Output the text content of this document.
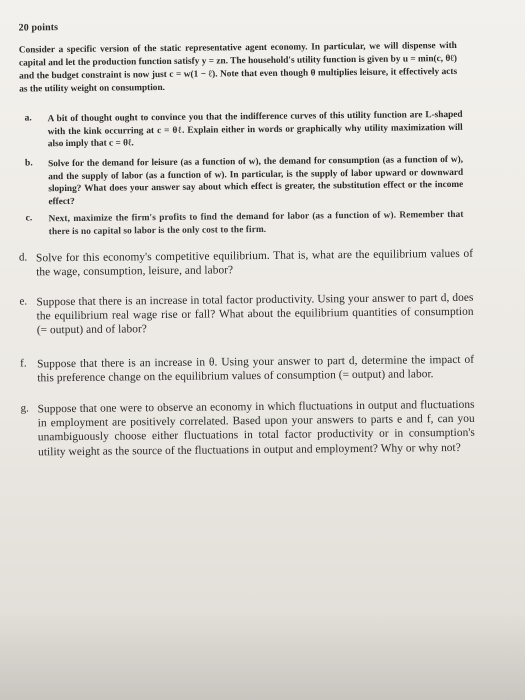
20 points
Consider a specific version of the static representative agent economy. In particular, we will dispense with capital and let the production function satisfy y = zn. The household's utility function is given by u = min(c, θℓ) and the budget constraint is now just c = w(1 − ℓ). Note that even though θ multiplies leisure, it effectively acts as the utility weight on consumption.
a. A bit of thought ought to convince you that the indifference curves of this utility function are L-shaped with the kink occurring at c = θℓ. Explain either in words or graphically why utility maximization will also imply that c = θℓ.
b. Solve for the demand for leisure (as a function of w), the demand for consumption (as a function of w), and the supply of labor (as a function of w). In particular, is the supply of labor upward or downward sloping? What does your answer say about which effect is greater, the substitution effect or the income effect?
c. Next, maximize the firm's profits to find the demand for labor (as a function of w). Remember that there is no capital so labor is the only cost to the firm.
d. Solve for this economy's competitive equilibrium. That is, what are the equilibrium values of the wage, consumption, leisure, and labor?
e. Suppose that there is an increase in total factor productivity. Using your answer to part d, does the equilibrium real wage rise or fall? What about the equilibrium quantities of consumption (= output) and of labor?
f. Suppose that there is an increase in θ. Using your answer to part d, determine the impact of this preference change on the equilibrium values of consumption (= output) and labor.
g. Suppose that one were to observe an economy in which fluctuations in output and fluctuations in employment are positively correlated. Based upon your answers to parts e and f, can you unambiguously choose either fluctuations in total factor productivity or in consumption's utility weight as the source of the fluctuations in output and employment? Why or why not?
